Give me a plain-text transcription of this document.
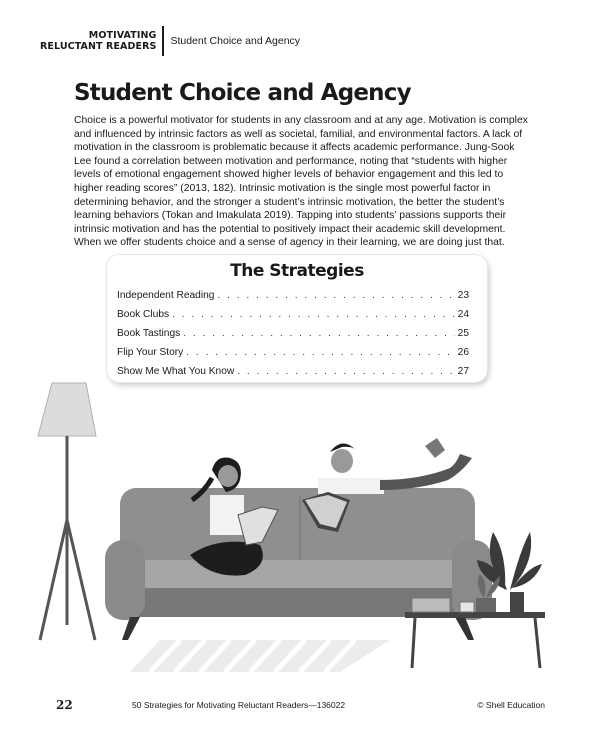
MOTIVATING
RELUCTANT READERS	Student Choice and Agency
Student Choice and Agency

Choice is a powerful motivator for students in any classroom and at any age. Motivation is complex and influenced by intrinsic factors as well as societal, familial, and environmental factors. A lack of motivation in the classroom is problematic because it affects academic performance. Jung-Sook Lee found a correlation between motivation and performance, noting that “students with higher levels of emotional engagement showed higher levels of behavior engagement and this led to higher reading scores” (2013, 182). Intrinsic motivation is the single most powerful factor in determining behavior, and the stronger a student’s intrinsic motivation, the better the student’s learning behaviors (Tokan and Imakulata 2019). Tapping into students’ passions supports their intrinsic motivation and has the potential to positively impact their academic skill development. When we offer students choice and a sense of agency in their learning, we are doing just that.

The Strategies
Independent Reading . . .	23
Book Clubs . . .	24
Book Tastings . . .	25
Flip Your Story . . .	26
Show Me What You Know . . .	27
22	50 Strategies for Motivating Reluctant Readers—136022	© Shell Education
